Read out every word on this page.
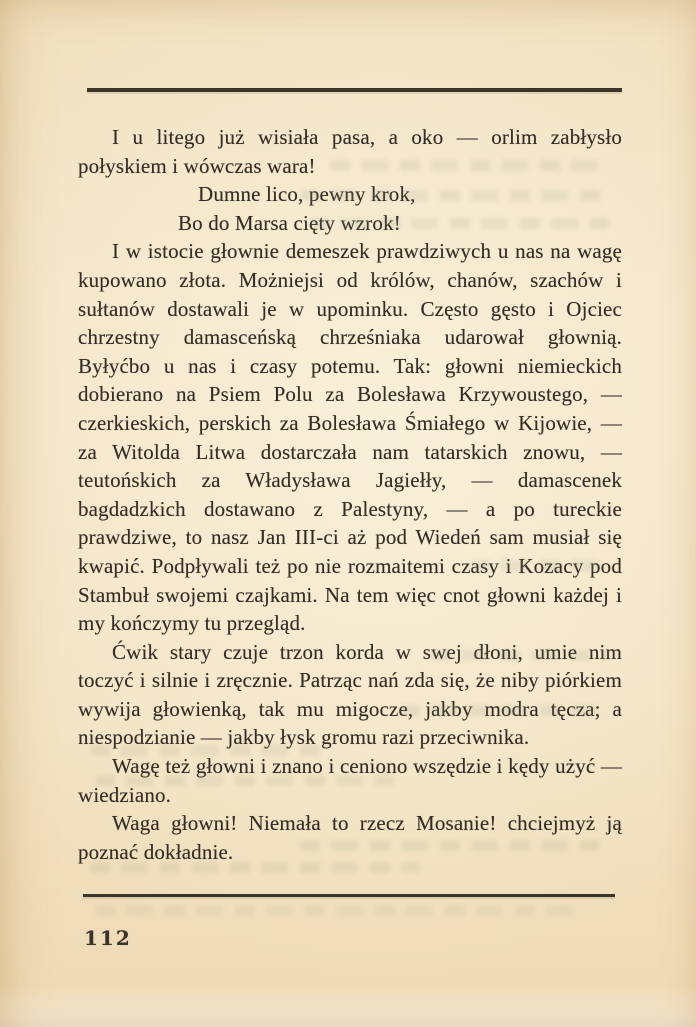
I u litego już wisiała pasa, a oko — orlim zabłysło połyskiem i wówczas wara!

Dumne lico, pewny krok,

Bo do Marsa cięty wzrok!

I w istocie głownie demeszek prawdziwych u nas na wagę kupowano złota. Możniejsi od królów, chanów, szachów i sułtanów dostawali je w upominku. Często gęsto i Ojciec chrzestny damasceńską chrześniaka udarował głownią. Byłyćbo u nas i czasy potemu. Tak: głowni niemieckich dobierano na Psiem Polu za Bolesława Krzywoustego, — czerkieskich, perskich za Bolesława Śmiałego w Kijowie, — za Witolda Litwa dostarczała nam tatarskich znowu, — teutońskich za Władysława Jagiełły, — damascenek bagdadzkich dostawano z Palestyny, — a po tureckie prawdziwe, to nasz Jan III-ci aż pod Wiedeń sam musiał się kwapić. Podpływali też po nie rozmaitemi czasy i Kozacy pod Stambuł swojemi czajkami. Na tem więc cnot głowni każdej i my kończymy tu przegląd.

Ćwik stary czuje trzon korda w swej dłoni, umie nim toczyć i silnie i zręcznie. Patrząc nań zda się, że niby piórkiem wywija głowienką, tak mu migocze, jakby modra tęcza; a niespodzianie — jakby łysk gromu razi przeciwnika.

Wagę też głowni i znano i ceniono wszędzie i kędy użyć — wiedziano.

Waga głowni! Niemała to rzecz Mosanie! chciejmyż ją poznać dokładnie.

112
